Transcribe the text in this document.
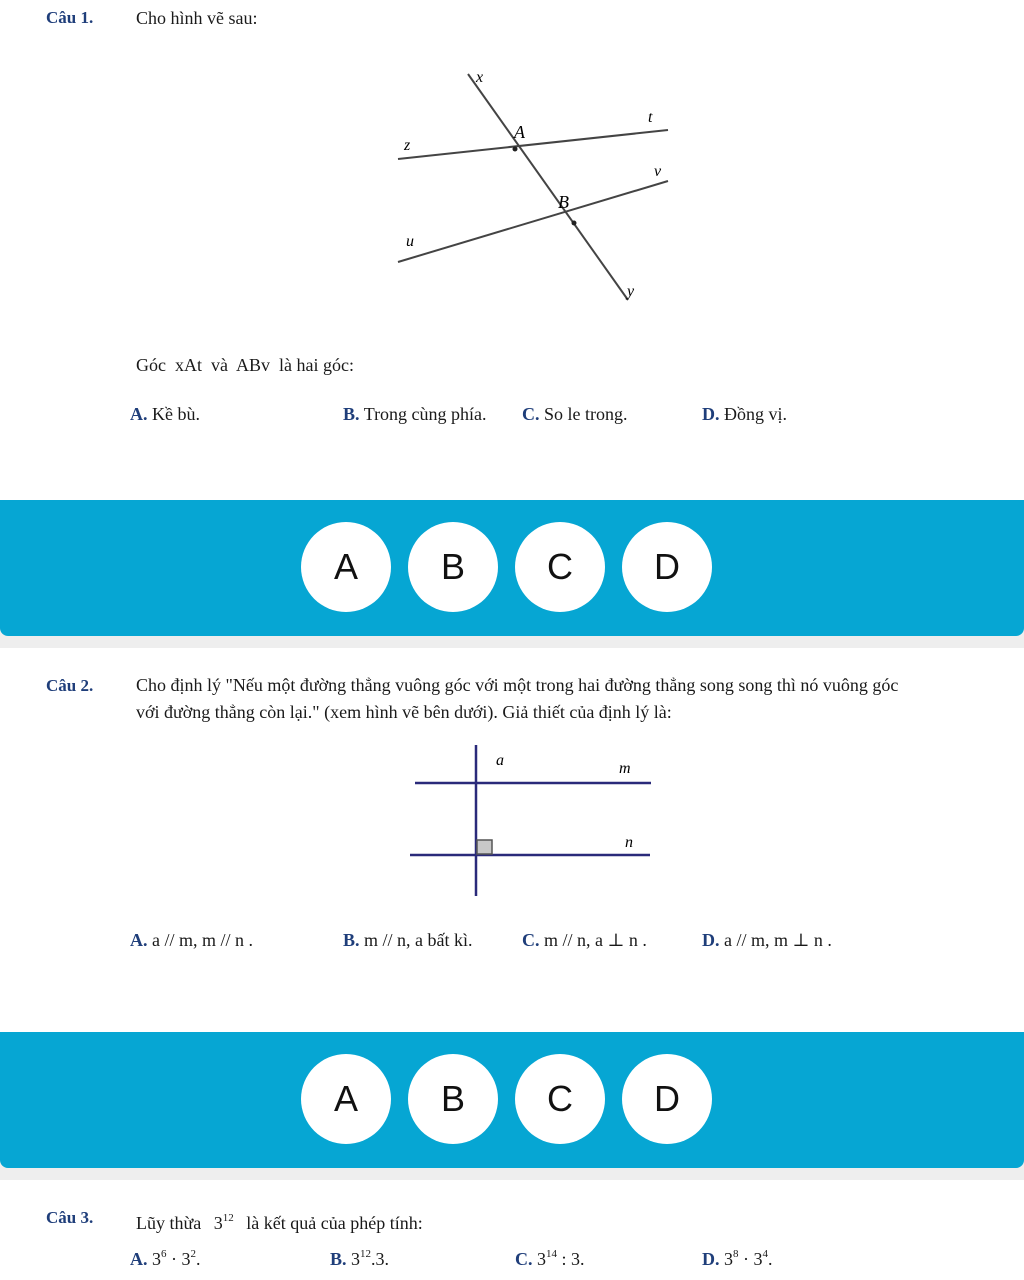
Câu 1. Cho hình vẽ sau:
x
t
A
z
v
B
u
y
Góc  xAt  và  ABv  là hai góc:
A. Kề bù.	B. Trong cùng phía. C. So le trong.	D. Đồng vị.
A	B	C	D
Câu 2. Cho định lý "Nếu một đường thẳng vuông góc với một trong hai đường thẳng song song thì nó vuông góc
với đường thẳng còn lại." (xem hình vẽ bên dưới). Giả thiết của định lý là:
a	m
n
A. a // m, m // n .	B. m // n, a bất kì.	C. m // n, a ⊥ n .	D. a // m, m ⊥ n .
A	B	C	D
Câu 3. Lũy thừa $3^{12}$ là kết quả của phép tính:
A. $3^6 \cdot 3^2$.	B. $3^{12}.3$.	C. $3^{14}$ : 3.	D. $3^8 \cdot 3^4$.
